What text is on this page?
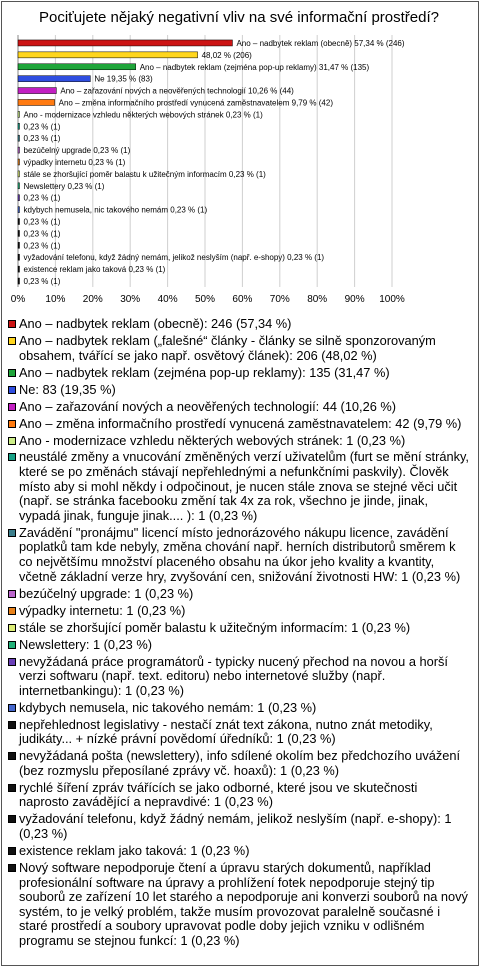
Pociťujete nějaký negativní vliv na své informační prostředí?
0% 10% 20% 30% 40% 50% 60% 70% 80% 90% 100%
Ano – nadbytek reklam (obecně) 57,34 % (246)
48,02 % (206)
Ano – nadbytek reklam (zejména pop-up reklamy) 31,47 % (135)
Ne 19,35 % (83)
Ano – zařazování nových a neověřených technologií 10,26 % (44)
Ano – změna informačního prostředí vynucená zaměstnavatelem 9,79 % (42)
Ano - modernizace vzhledu některých webových stránek 0,23 % (1)
0,23 % (1)
0,23 % (1)
bezúčelný upgrade 0,23 % (1)
výpadky internetu 0,23 % (1)
stále se zhoršující poměr balastu k užitečným informacím 0,23 % (1)
Newslettery 0,23 % (1)
0,23 % (1)
kdybych nemusela, nic takového nemám 0,23 % (1)
0,23 % (1)
0,23 % (1)
0,23 % (1)
vyžadování telefonu, když žádný nemám, jelikož neslyším (např. e-shopy) 0,23 % (1)
existence reklam jako taková 0,23 % (1)
0,23 % (1)
Ano – nadbytek reklam (obecně): 246 (57,34 %)
Ano – nadbytek reklam („falešné“ články - články se silně sponzorovaným obsahem, tvářící se jako např. osvětový článek): 206 (48,02 %)
Ano – nadbytek reklam (zejména pop-up reklamy): 135 (31,47 %)
Ne: 83 (19,35 %)
Ano – zařazování nových a neověřených technologií: 44 (10,26 %)
Ano – změna informačního prostředí vynucená zaměstnavatelem: 42 (9,79 %)
Ano - modernizace vzhledu některých webových stránek: 1 (0,23 %)
neustálé změny a vnucování změněných verzí uživatelům (furt se mění stránky, které se po změnách stávají nepřehlednými a nefunkčními paskvily). Člověk místo aby si mohl někdy i odpočinout, je nucen stále znova se stejné věci učit (např. se stránka facebooku změní tak 4x za rok, všechno je jinde, jinak, vypadá jinak, funguje jinak.... ): 1 (0,23 %)
Zavádění "pronájmu" licencí místo jednorázového nákupu licence, zavádění poplatků tam kde nebyly, změna chování např. herních distributorů směrem k co největšímu množství placeného obsahu na úkor jeho kvality a kvantity, včetně základní verze hry, zvyšování cen, snižování životnosti HW: 1 (0,23 %)
bezúčelný upgrade: 1 (0,23 %)
výpadky internetu: 1 (0,23 %)
stále se zhoršující poměr balastu k užitečným informacím: 1 (0,23 %)
Newslettery: 1 (0,23 %)
nevyžádaná práce programátorů - typicky nucený přechod na novou a horší verzi softwaru (např. text. editoru) nebo internetové služby (např. internetbankingu): 1 (0,23 %)
kdybych nemusela, nic takového nemám: 1 (0,23 %)
nepřehlednost legislativy - nestačí znát text zákona, nutno znát metodiky, judikáty... + nízké právní povědomí úředníků: 1 (0,23 %)
nevyžádaná pošta (newslettery), info sdílené okolím bez předchozího uvážení (bez rozmyslu přeposílané zprávy vč. hoaxů): 1 (0,23 %)
rychlé šíření zpráv tvářících se jako odborné, které jsou ve skutečnosti naprosto zavádějící a nepravdivé: 1 (0,23 %)
vyžadování telefonu, když žádný nemám, jelikož neslyším (např. e-shopy): 1 (0,23 %)
existence reklam jako taková: 1 (0,23 %)
Nový software nepodporuje čtení a úpravu starých dokumentů, například profesionální software na úpravy a prohlížení fotek nepodporuje stejný tip souborů ze zařízení 10 let starého a nepodporuje ani konverzi souborů na nový systém, to je velký problém, takže musím provozovat paralelně současné i staré prostředí a soubory upravovat podle doby jejich vzniku v odlišném programu se stejnou funkcí: 1 (0,23 %)
